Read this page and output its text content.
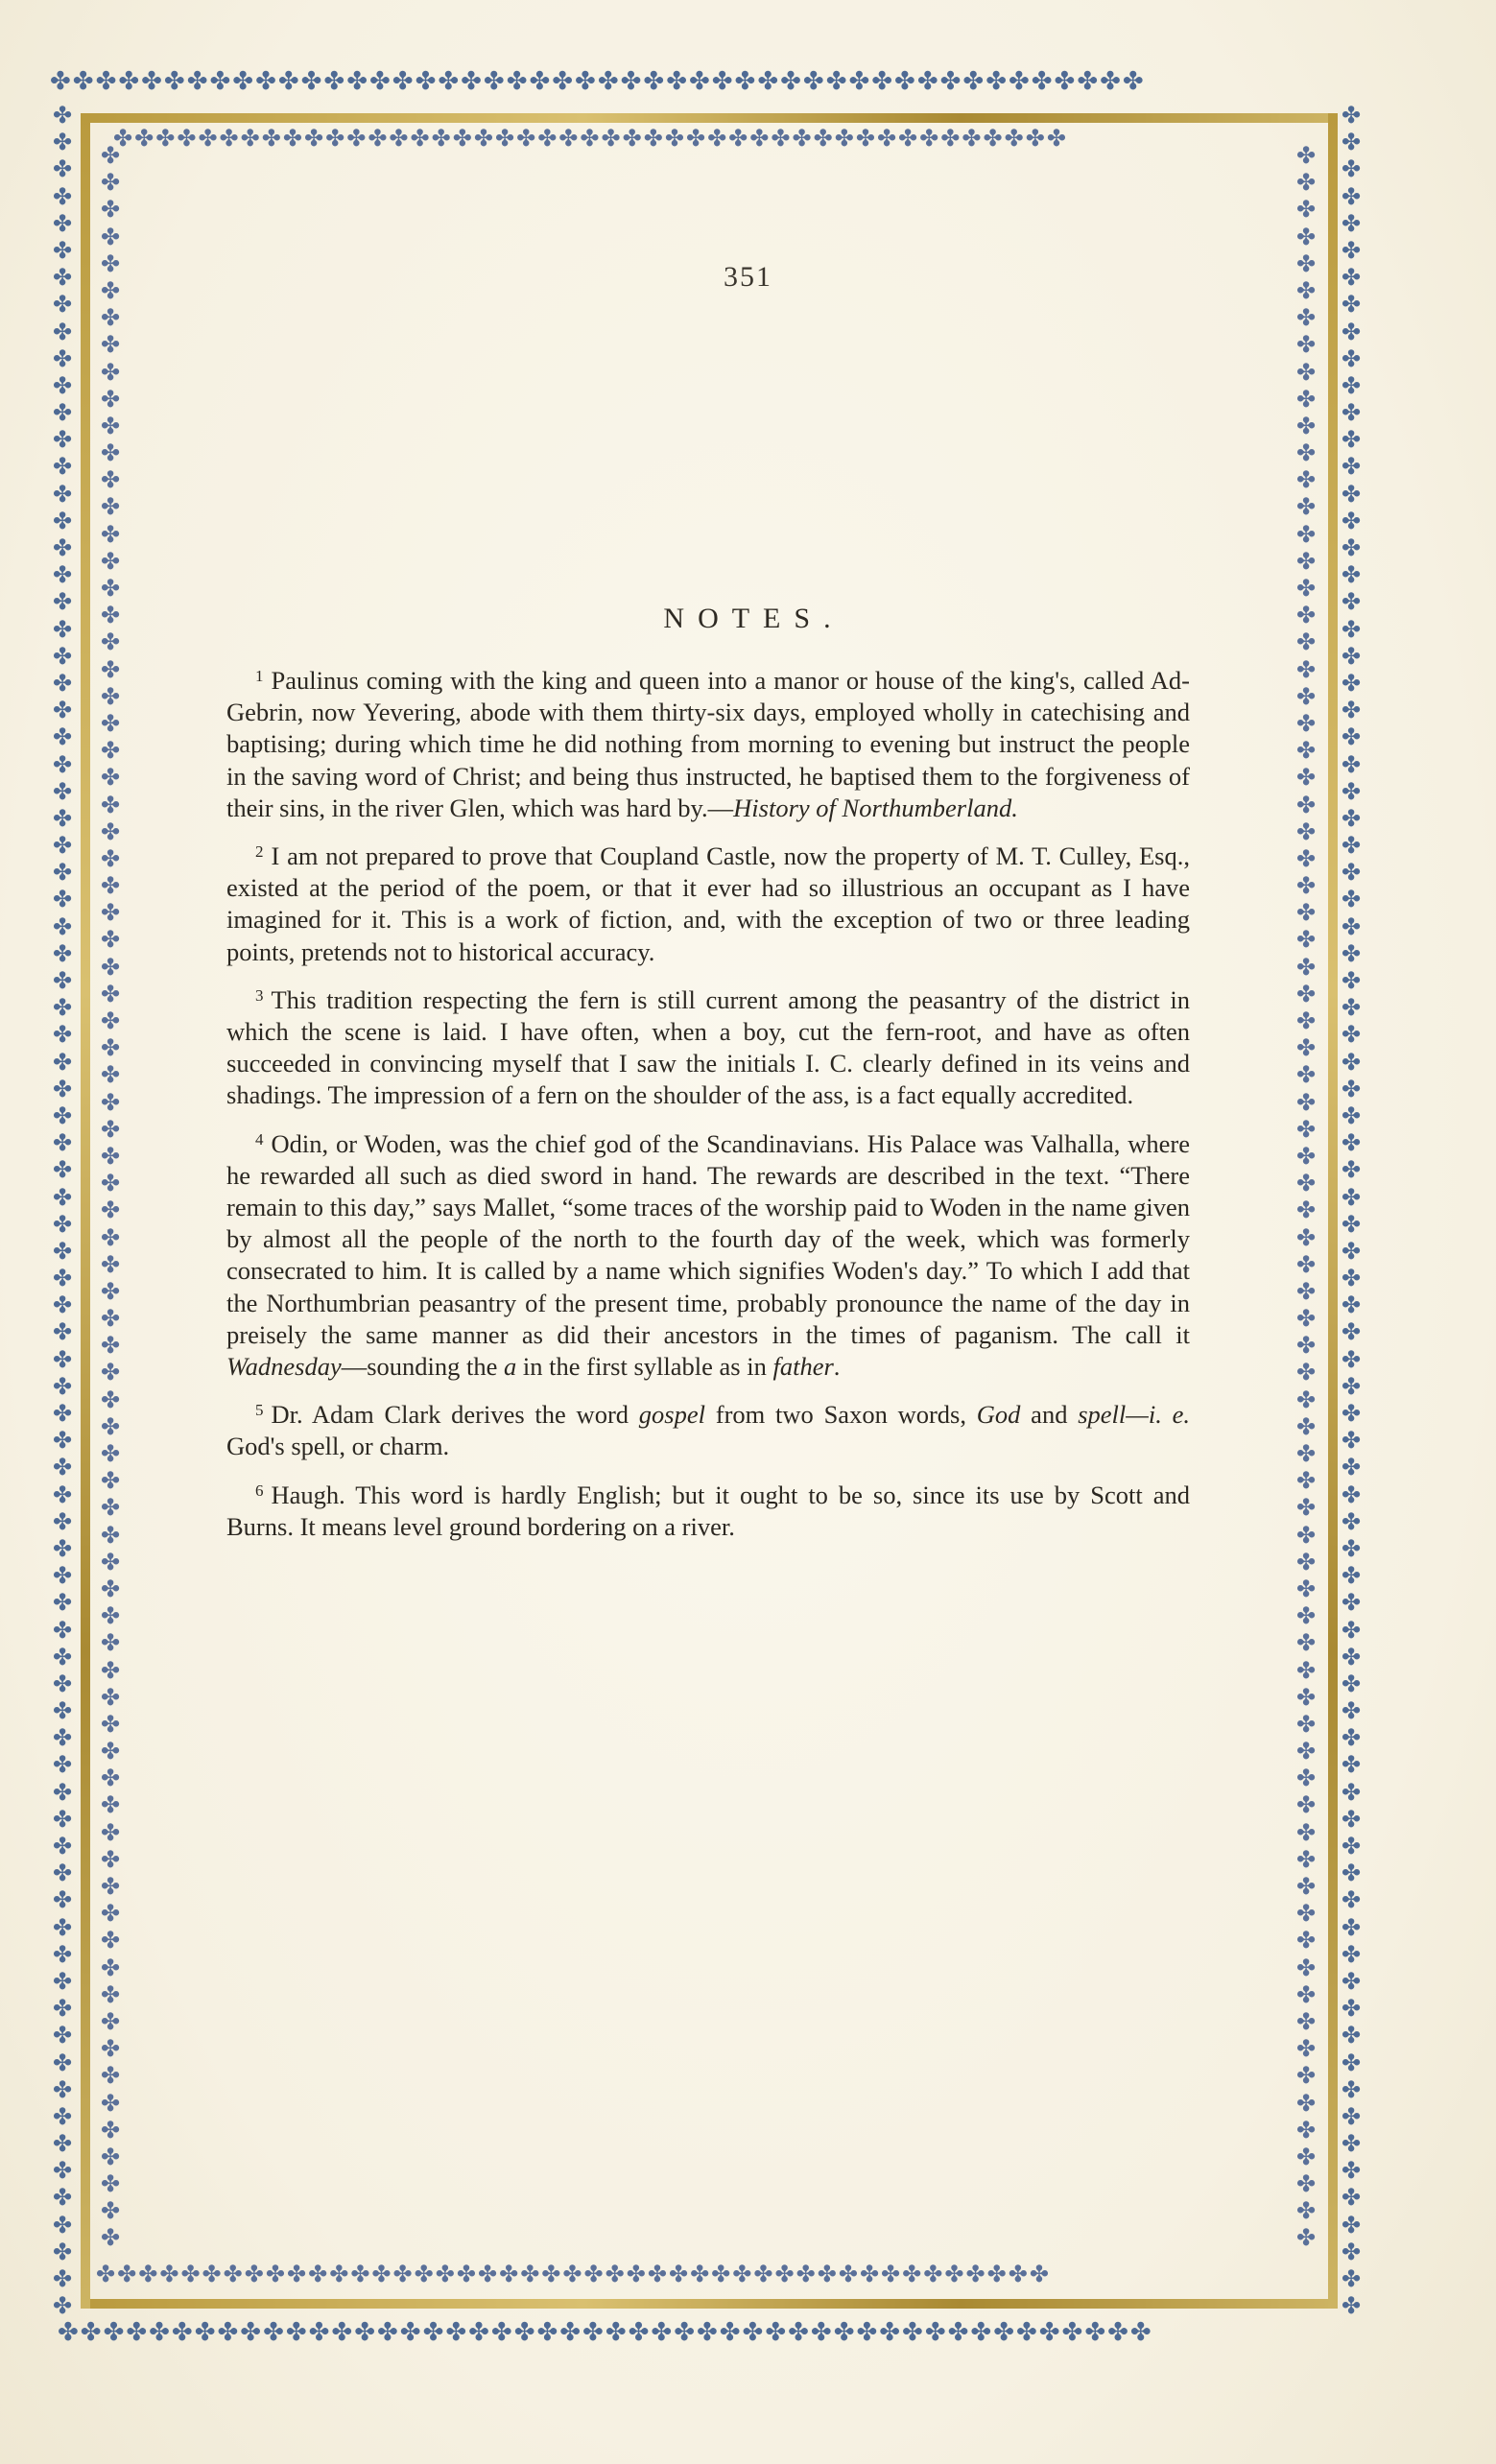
✤✤✤✤✤✤✤✤✤✤✤✤✤✤✤✤✤✤✤✤✤✤✤✤✤✤✤✤✤✤✤✤✤✤✤✤✤✤✤✤✤✤✤✤✤✤✤✤
✤✤✤✤✤✤✤✤✤✤✤✤✤✤✤✤✤✤✤✤✤✤✤✤✤✤✤✤✤✤✤✤✤✤✤✤✤✤✤✤✤✤✤✤✤
✤✤✤✤✤✤✤✤✤✤✤✤✤✤✤✤✤✤✤✤✤✤✤✤✤✤✤✤✤✤✤✤✤✤✤✤✤✤✤✤✤✤✤✤✤
✤✤✤✤✤✤✤✤✤✤✤✤✤✤✤✤✤✤✤✤✤✤✤✤✤✤✤✤✤✤✤✤✤✤✤✤✤✤✤✤✤✤✤✤✤✤✤✤
✤
✤
✤
✤
✤
✤
✤
✤
✤
✤
✤
✤
✤
✤
✤
✤
✤
✤
✤
✤
✤
✤
✤
✤
✤
✤
✤
✤
✤
✤
✤
✤
✤
✤
✤
✤
✤
✤
✤
✤
✤
✤
✤
✤
✤
✤
✤
✤
✤
✤
✤
✤
✤
✤
✤
✤
✤
✤
✤
✤
✤
✤
✤
✤
✤
✤
✤
✤
✤
✤
✤
✤
✤
✤
✤
✤
✤
✤
✤
✤
✤
✤
✤
✤
✤
✤
✤
✤
✤
✤
✤
✤
✤
✤
✤
✤
✤
✤
✤
✤
✤
✤
✤
✤
✤
✤
✤
✤
✤
✤
✤
✤
✤
✤
✤
✤
✤
✤
✤
✤
✤
✤
✤
✤
✤
✤
✤
✤
✤
✤
✤
✤
✤
✤
✤
✤
✤
✤
✤
✤
✤
✤
✤
✤
✤
✤
✤
✤
✤
✤
✤
✤
✤
✤
✤
✤
✤
✤
✤
✤
✤
✤
✤
✤
✤
✤
✤
✤
✤
✤
✤
✤
✤
✤
✤
✤
✤
✤
✤
✤
✤
✤
✤
✤
✤
✤
✤
✤
✤
✤
✤
✤
✤
✤
✤
✤
✤
✤
✤
✤
✤
✤
✤
✤
✤
✤
✤
✤
✤
✤
✤
✤
✤
✤
✤
✤
✤
✤
✤
✤
✤
✤
✤
✤
✤
✤
✤
✤
✤
✤
✤
✤
✤
✤
✤
✤
✤
✤
✤
✤
✤
✤
✤
✤
✤
✤
✤
✤
✤
✤
✤
✤
✤
✤
✤
✤
✤
✤
✤
✤
✤
✤
✤
✤
✤
✤
✤
✤
✤
✤
✤
✤
✤
✤
✤
✤
✤
✤
✤
✤
✤
✤
✤
✤
✤
✤
✤
✤
✤
✤
✤
✤
✤
✤
✤
✤
✤
✤
✤
✤
✤
✤
✤
✤
✤
✤
✤
✤
✤
✤
✤
✤
✤
✤
✤
✤
✤
✤
✤
✤
351
NOTES.

$^1$ Paulinus coming with the king and queen into a manor or house of the king's, called Ad-Gebrin, now Yevering, abode with them thirty-six days, employed wholly in catechising and baptising; during which time he did nothing from morning to evening but instruct the people in the saving word of Christ; and being thus instructed, he baptised them to the forgiveness of their sins, in the river Glen, which was hard by.—History of Northumberland.

$^2$ I am not prepared to prove that Coupland Castle, now the property of M. T. Culley, Esq., existed at the period of the poem, or that it ever had so illustrious an occupant as I have imagined for it. This is a work of fiction, and, with the exception of two or three leading points, pretends not to historical accuracy.

$^3$ This tradition respecting the fern is still current among the peasantry of the district in which the scene is laid. I have often, when a boy, cut the fern-root, and have as often succeeded in convincing myself that I saw the initials I. C. clearly defined in its veins and shadings. The impression of a fern on the shoulder of the ass, is a fact equally accredited.

$^4$ Odin, or Woden, was the chief god of the Scandinavians. His Palace was Valhalla, where he rewarded all such as died sword in hand. The rewards are described in the text. “There remain to this day,” says Mallet, “some traces of the worship paid to Woden in the name given by almost all the people of the north to the fourth day of the week, which was formerly consecrated to him. It is called by a name which signifies Woden's day.” To which I add that the Northumbrian peasantry of the present time, probably pronounce the name of the day in preisely the same manner as did their ancestors in the times of paganism. The call it Wadnesday—sounding the a in the first syllable as in father.

$^5$ Dr. Adam Clark derives the word gospel from two Saxon words, God and spell—i. e. God's spell, or charm.

$^6$ Haugh. This word is hardly English; but it ought to be so, since its use by Scott and Burns. It means level ground bordering on a river.
